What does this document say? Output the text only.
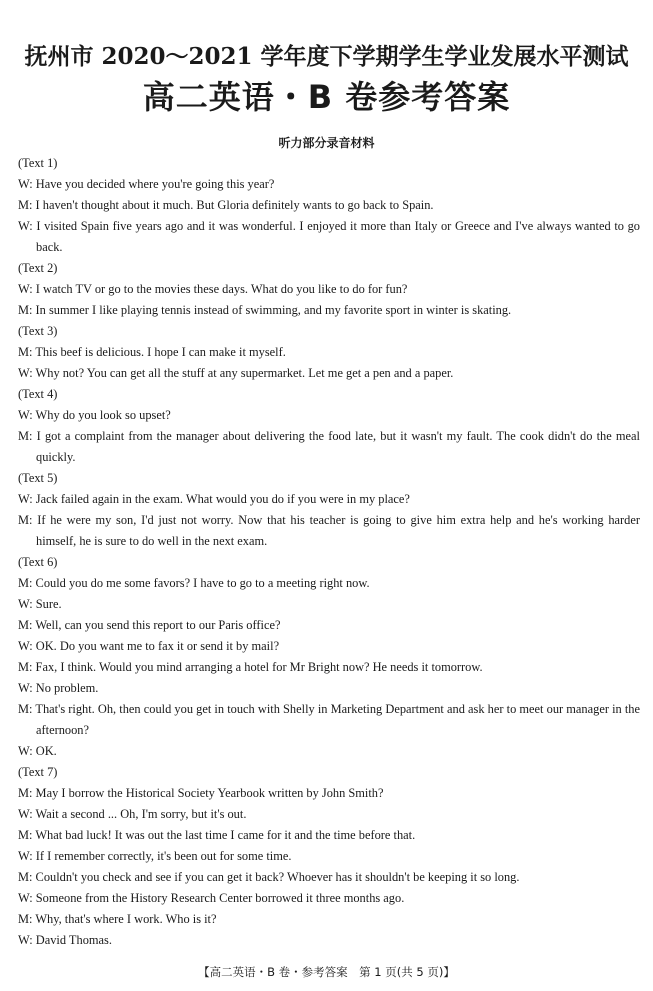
抚州市 2020～2021 学年度下学期学生学业发展水平测试
高二英语・B 卷参考答案
听力部分录音材料

(Text 1)

W: Have you decided where you're going this year?

M: I haven't thought about it much. But Gloria definitely wants to go back to Spain.

W: I visited Spain five years ago and it was wonderful. I enjoyed it more than Italy or Greece and I've always wanted to go back.

(Text 2)

W: I watch TV or go to the movies these days. What do you like to do for fun?

M: In summer I like playing tennis instead of swimming, and my favorite sport in winter is skating.

(Text 3)

M: This beef is delicious. I hope I can make it myself.

W: Why not? You can get all the stuff at any supermarket. Let me get a pen and a paper.

(Text 4)

W: Why do you look so upset?

M: I got a complaint from the manager about delivering the food late, but it wasn't my fault. The cook didn't do the meal quickly.

(Text 5)

W: Jack failed again in the exam. What would you do if you were in my place?

M: If he were my son, I'd just not worry. Now that his teacher is going to give him extra help and he's working harder himself, he is sure to do well in the next exam.

(Text 6)

M: Could you do me some favors? I have to go to a meeting right now.

W: Sure.

M: Well, can you send this report to our Paris office?

W: OK. Do you want me to fax it or send it by mail?

M: Fax, I think. Would you mind arranging a hotel for Mr Bright now? He needs it tomorrow.

W: No problem.

M: That's right. Oh, then could you get in touch with Shelly in Marketing Department and ask her to meet our manager in the afternoon?

W: OK.

(Text 7)

M: May I borrow the Historical Society Yearbook written by John Smith?

W: Wait a second ... Oh, I'm sorry, but it's out.

M: What bad luck! It was out the last time I came for it and the time before that.

W: If I remember correctly, it's been out for some time.

M: Couldn't you check and see if you can get it back? Whoever has it shouldn't be keeping it so long.

W: Someone from the History Research Center borrowed it three months ago.

M: Why, that's where I work. Who is it?

W: David Thomas.

【高二英语・B 卷・参考答案　第 1 页(共 5 页)】
